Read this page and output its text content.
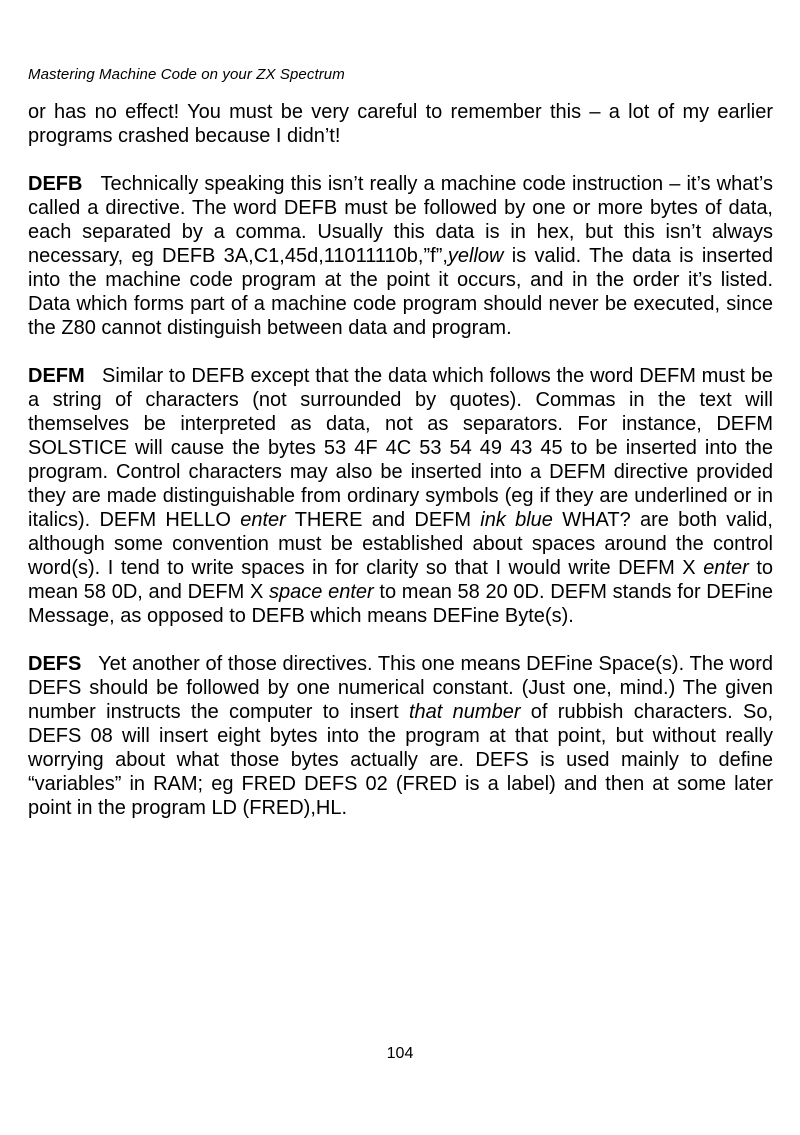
Mastering Machine Code on your ZX Spectrum

or has no effect! You must be very careful to remember this – a lot of my earlier programs crashed because I didn’t!

DEFB Technically speaking this isn’t really a machine code instruction – it’s what’s called a directive. The word DEFB must be followed by one or more bytes of data, each separated by a comma. Usually this data is in hex, but this isn’t always necessary, eg DEFB 3A,C1,45d,11011110b,”f”,yellow is valid. The data is inserted into the machine code program at the point it occurs, and in the order it’s listed. Data which forms part of a machine code program should never be executed, since the Z80 cannot distinguish between data and program.

DEFM Similar to DEFB except that the data which follows the word DEFM must be a string of characters (not surrounded by quotes). Commas in the text will themselves be interpreted as data, not as separators. For instance, DEFM SOLSTICE will cause the bytes 53 4F 4C 53 54 49 43 45 to be inserted into the program. Control characters may also be inserted into a DEFM directive provided they are made distinguishable from ordinary symbols (eg if they are underlined or in italics). DEFM HELLO enter THERE and DEFM ink blue WHAT? are both valid, although some convention must be established about spaces around the control word(s). I tend to write spaces in for clarity so that I would write DEFM X enter to mean 58 0D, and DEFM X space enter to mean 58 20 0D. DEFM stands for DEFine Message, as opposed to DEFB which means DEFine Byte(s).

DEFS Yet another of those directives. This one means DEFine Space(s). The word DEFS should be followed by one numerical constant. (Just one, mind.) The given number instructs the computer to insert that number of rubbish characters. So, DEFS 08 will insert eight bytes into the program at that point, but without really worrying about what those bytes actually are. DEFS is used mainly to define “variables” in RAM; eg FRED DEFS 02 (FRED is a label) and then at some later point in the program LD (FRED),HL.

104
